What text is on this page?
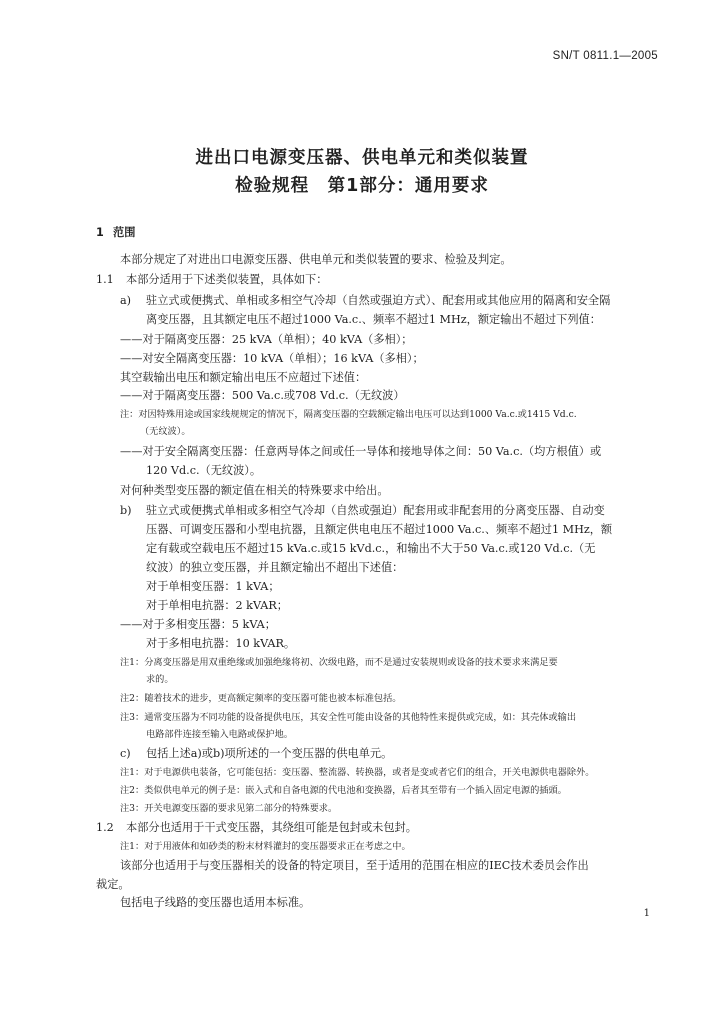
SN/T 0811.1—2005
进出口电源变压器、供电单元和类似装置
检验规程　第1部分：通用要求
1 范围
本部分规定了对进出口电源变压器、供电单元和类似装置的要求、检验及判定。
1.1 本部分适用于下述类似装置，具体如下：
a) 驻立式或便携式、单相或多相空气冷却（自然或强迫方式）、配套用或其他应用的隔离和安全隔
离变压器，且其额定电压不超过1000 Va.c.、频率不超过1 MHz，额定输出不超过下列值：
——对于隔离变压器：25 kVA（单相）；40 kVA（多相）；
——对安全隔离变压器：10 kVA（单相）；16 kVA（多相）；
其空载输出电压和额定输出电压不应超过下述值：
——对于隔离变压器：500 Va.c.或708 Vd.c.（无纹波）
注：对因特殊用途或国家线规规定的情况下，隔离变压器的空载额定输出电压可以达到1000 Va.c.或1415 Vd.c.
（无纹波）。
——对于安全隔离变压器：任意两导体之间或任一导体和接地导体之间：50 Va.c.（均方根值）或
120 Vd.c.（无纹波）。
对何种类型变压器的额定值在相关的特殊要求中给出。
b) 驻立式或便携式单相或多相空气冷却（自然或强迫）配套用或非配套用的分离变压器、自动变
压器、可调变压器和小型电抗器，且额定供电电压不超过1000 Va.c.、频率不超过1 MHz，额
定有载或空载电压不超过15 kVa.c.或15 kVd.c.，和输出不大于50 Va.c.或120 Vd.c.（无
纹波）的独立变压器，并且额定输出不超出下述值：
对于单相变压器：1 kVA；
对于单相电抗器：2 kVAR；
——对于多相变压器：5 kVA；
对于多相电抗器：10 kVAR。
注1：分离变压器是用双重绝缘或加强绝缘将初、次级电路，而不是通过安装规则或设备的技术要求来满足要
求的。
注2：随着技术的进步，更高额定频率的变压器可能也被本标准包括。
注3：通常变压器为不同功能的设备提供电压，其安全性可能由设备的其他特性来提供或完成，如：其壳体或输出
电路部件连接至输入电路或保护地。
c) 包括上述a)或b)项所述的一个变压器的供电单元。
注1：对于电源供电装备，它可能包括：变压器、整流器、转换器，或者是变或者它们的组合，开关电源供电器除外。
注2：类似供电单元的例子是：嵌入式和自备电源的代电池和变换器，后者其至带有一个插入固定电源的插頭。
注3：开关电源变压器的要求见第二部分的特殊要求。
1.2 本部分也适用于干式变压器，其绕组可能是包封或未包封。
注1：对于用液体和如砂类的粉末材料灌封的变压器要求正在考虑之中。
该部分也适用于与变压器相关的设备的特定项目，至于适用的范围在相应的IEC技术委员会作出
裁定。
包括电子线路的变压器也适用本标准。
1
